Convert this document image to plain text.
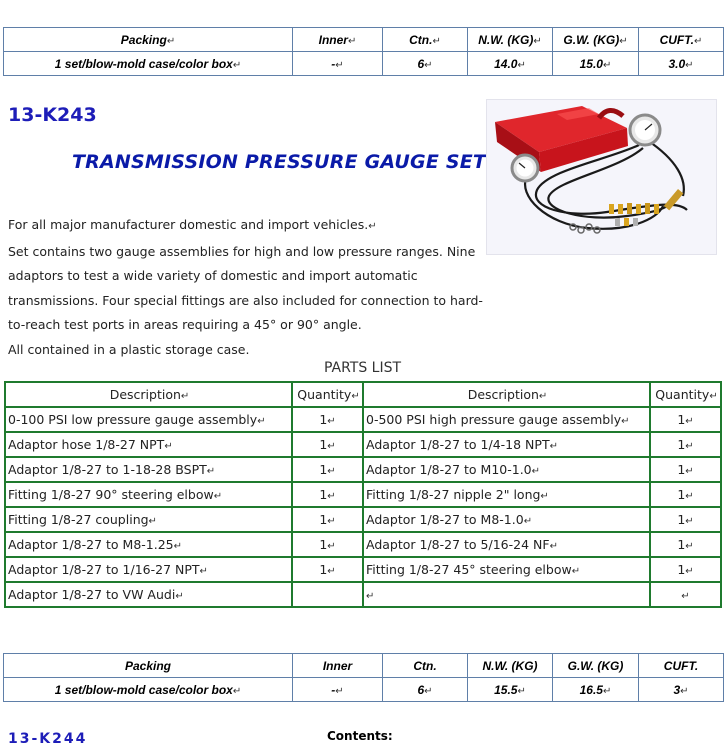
Packing↵	Inner↵	Ctn.↵	N.W. (KG)↵	G.W. (KG)↵	CUFT.↵
1 set/blow-mold case/color box↵	-↵	6↵	14.0↵	15.0↵	3.0↵
13-K243
TRANSMISSION PRESSURE GAUGE SET

For all major manufacturer domestic and import vehicles.↵

Set contains two gauge assemblies for high and low pressure ranges. Nine

adaptors to test a wide variety of domestic and import automatic

transmissions. Four special fittings are also included for connection to hard-

to-reach test ports in areas requiring a 45° or 90° angle.

All contained in a plastic storage case.

PARTS LIST
Description↵	Quantity↵	Description↵	Quantity↵
0-100 PSI low pressure gauge assembly↵	1↵	0-500 PSI high pressure gauge assembly↵	1↵
Adaptor hose 1/8-27 NPT↵	1↵	Adaptor 1/8-27 to 1/4-18 NPT↵	1↵
Adaptor 1/8-27 to 1-18-28 BSPT↵	1↵	Adaptor 1/8-27 to M10-1.0↵	1↵
Fitting 1/8-27 90° steering elbow↵	1↵	Fitting 1/8-27 nipple 2" long↵	1↵
Fitting 1/8-27 coupling↵	1↵	Adaptor 1/8-27 to M8-1.0↵	1↵
Adaptor 1/8-27 to M8-1.25↵	1↵	Adaptor 1/8-27 to 5/16-24 NF↵	1↵
Adaptor 1/8-27 to 1/16-27 NPT↵	1↵	Fitting 1/8-27 45° steering elbow↵	1↵
Adaptor 1/8-27 to VW Audi↵		↵	↵
Packing	Inner	Ctn.	N.W. (KG)	G.W. (KG)	CUFT.
1 set/blow-mold case/color box↵	-↵	6↵	15.5↵	16.5↵	3↵
13-K244	Contents:
